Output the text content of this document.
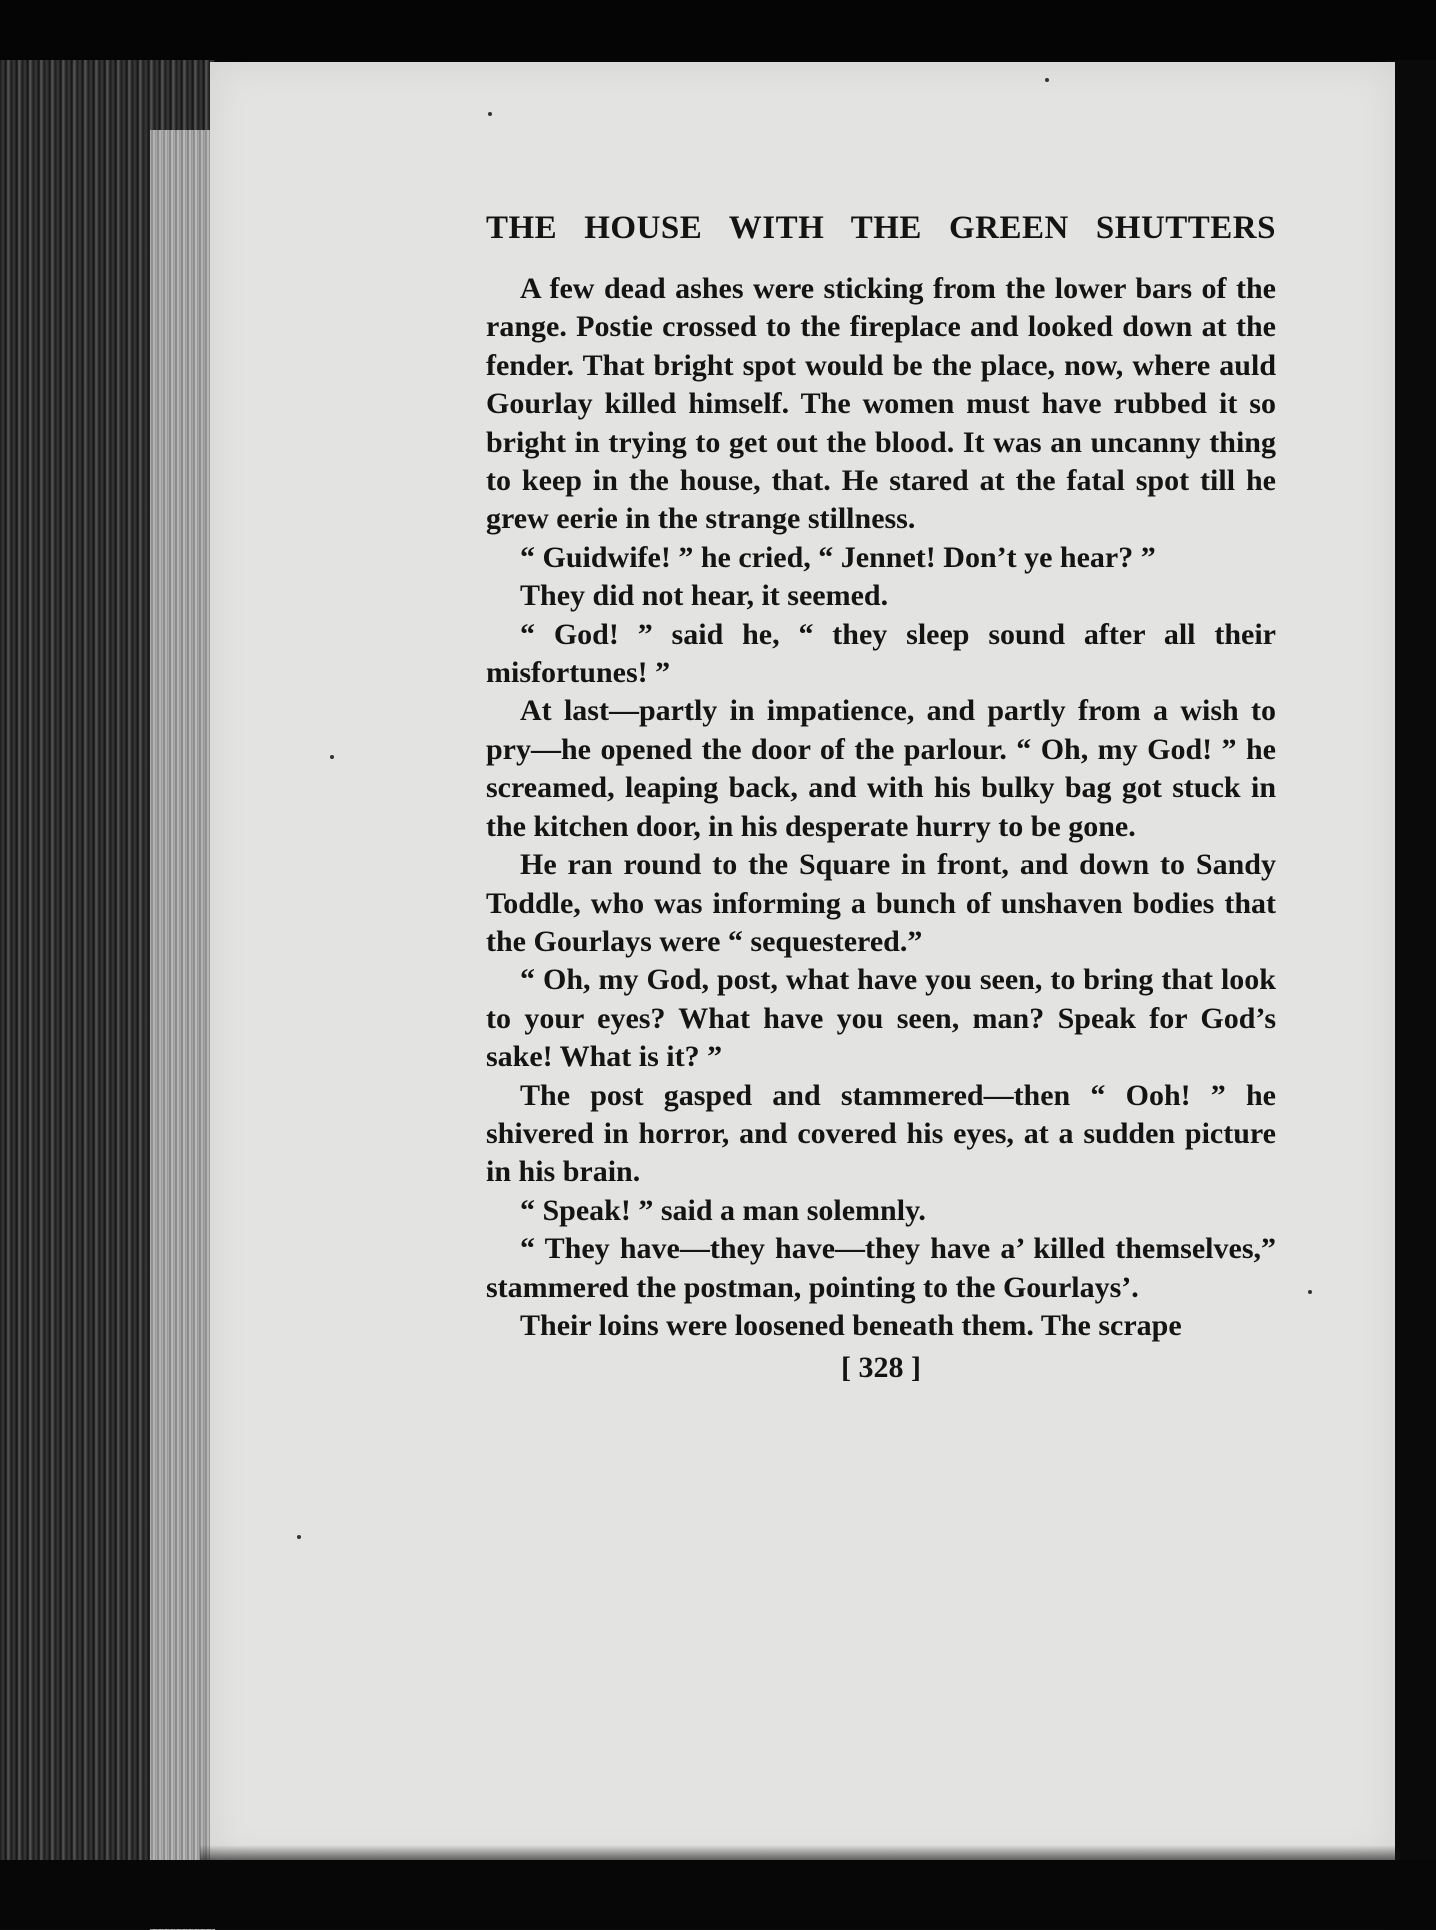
THE HOUSE WITH THE GREEN SHUTTERS

A few dead ashes were sticking from the lower bars of the range. Postie crossed to the fireplace and looked down at the fender. That bright spot would be the place, now, where auld Gourlay killed himself. The women must have rubbed it so bright in trying to get out the blood. It was an uncanny thing to keep in the house, that. He stared at the fatal spot till he grew eerie in the strange stillness.

“ Guidwife! ” he cried, “ Jennet! Don’t ye hear? ”

They did not hear, it seemed.

“ God! ” said he, “ they sleep sound after all their misfortunes! ”

At last—partly in impatience, and partly from a wish to pry—he opened the door of the parlour. “ Oh, my God! ” he screamed, leaping back, and with his bulky bag got stuck in the kitchen door, in his desperate hurry to be gone.

He ran round to the Square in front, and down to Sandy Toddle, who was informing a bunch of unshaven bodies that the Gourlays were “ sequestered.”

“ Oh, my God, post, what have you seen, to bring that look to your eyes? What have you seen, man? Speak for God’s sake! What is it? ”

The post gasped and stammered—then “ Ooh! ” he shivered in horror, and covered his eyes, at a sudden picture in his brain.

“ Speak! ” said a man solemnly.

“ They have—they have—they have a’ killed themselves,” stammered the postman, pointing to the Gourlays’.

Their loins were loosened beneath them. The scrape

[ 328 ]
